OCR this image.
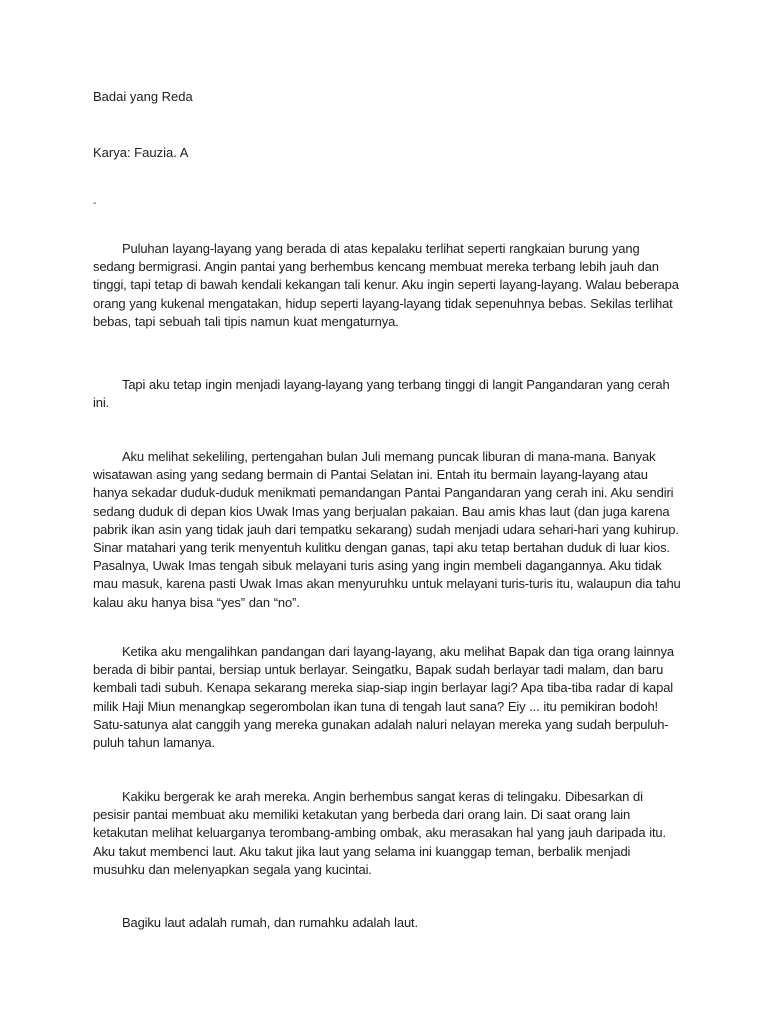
Badai yang Reda
Karya: Fauzia. A
-

Puluhan layang-layang yang berada di atas kepalaku terlihat seperti rangkaian burung yang sedang bermigrasi. Angin pantai yang berhembus kencang membuat mereka terbang lebih jauh dan tinggi, tapi tetap di bawah kendali kekangan tali kenur. Aku ingin seperti layang-layang. Walau beberapa orang yang kukenal mengatakan, hidup seperti layang-layang tidak sepenuhnya bebas. Sekilas terlihat bebas, tapi sebuah tali tipis namun kuat mengaturnya.

Tapi aku tetap ingin menjadi layang-layang yang terbang tinggi di langit Pangandaran yang cerah ini.

Aku melihat sekeliling, pertengahan bulan Juli memang puncak liburan di mana-mana. Banyak wisatawan asing yang sedang bermain di Pantai Selatan ini. Entah itu bermain layang-layang atau hanya sekadar duduk-duduk menikmati pemandangan Pantai Pangandaran yang cerah ini. Aku sendiri sedang duduk di depan kios Uwak Imas yang berjualan pakaian. Bau amis khas laut (dan juga karena pabrik ikan asin yang tidak jauh dari tempatku sekarang) sudah menjadi udara sehari-hari yang kuhirup. Sinar matahari yang terik menyentuh kulitku dengan ganas, tapi aku tetap bertahan duduk di luar kios. Pasalnya, Uwak Imas tengah sibuk melayani turis asing yang ingin membeli dagangannya. Aku tidak mau masuk, karena pasti Uwak Imas akan menyuruhku untuk melayani turis-turis itu, walaupun dia tahu kalau aku hanya bisa “yes” dan “no”.

Ketika aku mengalihkan pandangan dari layang-layang, aku melihat Bapak dan tiga orang lainnya berada di bibir pantai, bersiap untuk berlayar. Seingatku, Bapak sudah berlayar tadi malam, dan baru kembali tadi subuh. Kenapa sekarang mereka siap-siap ingin berlayar lagi? Apa tiba-tiba radar di kapal milik Haji Miun menangkap segerombolan ikan tuna di tengah laut sana? Eiy ... itu pemikiran bodoh! Satu-satunya alat canggih yang mereka gunakan adalah naluri nelayan mereka yang sudah berpuluh-puluh tahun lamanya.

Kakiku bergerak ke arah mereka. Angin berhembus sangat keras di telingaku. Dibesarkan di pesisir pantai membuat aku memiliki ketakutan yang berbeda dari orang lain. Di saat orang lain ketakutan melihat keluarganya terombang-ambing ombak, aku merasakan hal yang jauh daripada itu. Aku takut membenci laut. Aku takut jika laut yang selama ini kuanggap teman, berbalik menjadi musuhku dan melenyapkan segala yang kucintai.

Bagiku laut adalah rumah, dan rumahku adalah laut.
